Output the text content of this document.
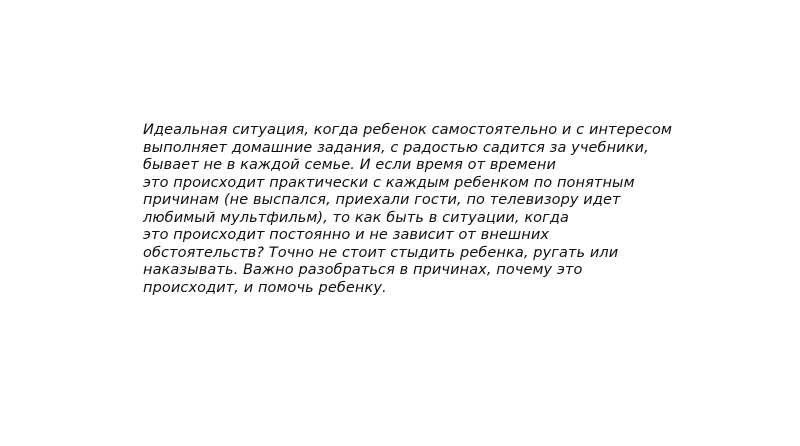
Идеальная ситуация, когда ребенок самостоятельно и с интересом
выполняет домашние задания, с радостью садится за учебники,
бывает не в каждой семье. И если время от времени
это происходит практически с каждым ребенком по понятным
причинам (не выспался, приехали гости, по телевизору идет
любимый мультфильм), то как быть в ситуации, когда
это происходит постоянно и не зависит от внешних
обстоятельств? Точно не стоит стыдить ребенка, ругать или
наказывать. Важно разобраться в причинах, почему это
происходит, и помочь ребенку.
